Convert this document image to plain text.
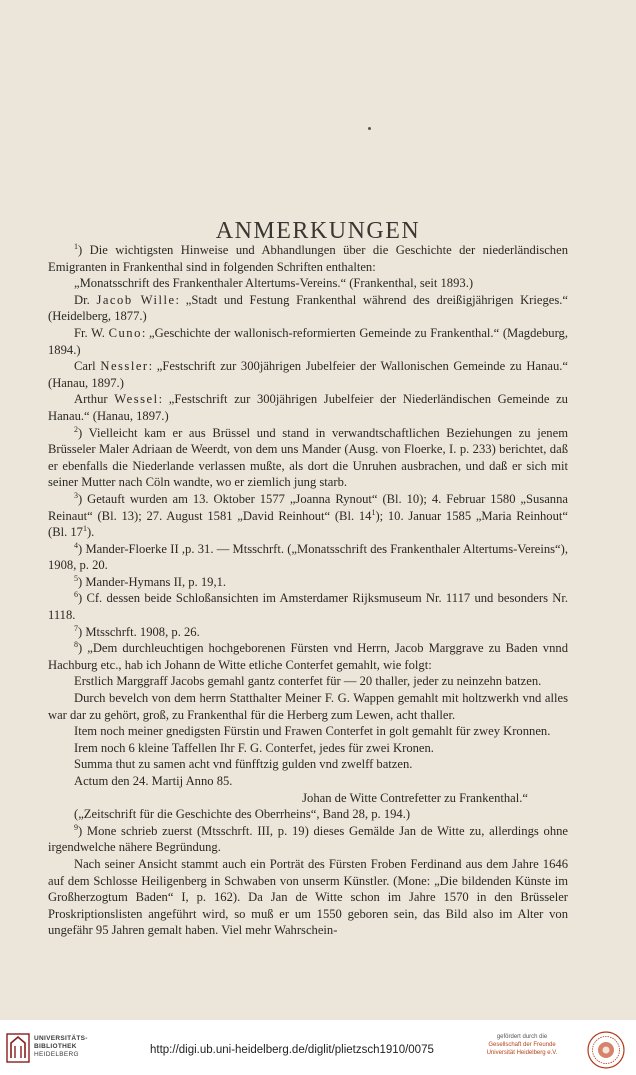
ANMERKUNGEN

$^1$) Die wichtigsten Hinweise und Abhandlungen über die Geschichte der niederländischen Emigranten in Frankenthal sind in folgenden Schriften enthalten:

„Monatsschrift des Frankenthaler Altertums-Vereins.“ (Frankenthal, seit 1893.)

Dr. Jacob Wille: „Stadt und Festung Frankenthal während des dreißigjährigen Krieges.“ (Heidelberg, 1877.)

Fr. W. Cuno: „Geschichte der wallonisch-reformierten Gemeinde zu Frankenthal.“ (Magdeburg, 1894.)

Carl Nessler: „Festschrift zur 300jährigen Jubelfeier der Wallonischen Gemeinde zu Hanau.“ (Hanau, 1897.)

Arthur Wessel: „Festschrift zur 300jährigen Jubelfeier der Niederländischen Gemeinde zu Hanau.“ (Hanau, 1897.)

$^2$) Vielleicht kam er aus Brüssel und stand in verwandtschaftlichen Beziehungen zu jenem Brüsseler Maler Adriaan de Weerdt, von dem uns Mander (Ausg. von Floerke, I. p. 233) berichtet, daß er ebenfalls die Niederlande verlassen mußte, als dort die Unruhen ausbrachen, und daß er sich mit seiner Mutter nach Cöln wandte, wo er ziemlich jung starb.

$^3$) Getauft wurden am 13. Oktober 1577 „Joanna Rynout“ (Bl. 10); 4. Februar 1580 „Susanna Reinaut“ (Bl. 13); 27. August 1581 „David Reinhout“ (Bl. $14^1$); 10. Januar 1585 „Maria Reinhout“ (Bl. $17^1$).

$^4$) Mander-Floerke II ,p. 31. — Mtsschrft. („Monatsschrift des Frankenthaler Altertums-Vereins“), 1908, p. 20.

$^5$) Mander-Hymans II, p. 19,1.

$^6$) Cf. dessen beide Schloßansichten im Amsterdamer Rijksmuseum Nr. 1117 und besonders Nr. 1118.

$^7$) Mtsschrft. 1908, p. 26.

$^8$) „Dem durchleuchtigen hochgeborenen Fürsten vnd Herrn, Jacob Marggrave zu Baden vnnd Hachburg etc., hab ich Johann de Witte etliche Conterfet gemahlt, wie folgt:

Erstlich Marggraff Jacobs gemahl gantz conterfet für — 20 thaller, jeder zu neinzehn batzen.

Durch bevelch von dem herrn Statthalter Meiner F. G. Wappen gemahlt mit holtzwerkh vnd alles war dar zu gehört, groß, zu Frankenthal für die Herberg zum Lewen, acht thaller.

Item noch meiner gnedigsten Fürstin und Frawen Conterfet in golt gemahlt für zwey Kronnen.

Irem noch 6 kleine Taffellen Ihr F. G. Conterfet, jedes für zwei Kronen.

Summa thut zu samen acht vnd fünfftzig gulden vnd zwelff batzen.

Actum den 24. Martij Anno 85.

Johan de Witte Contrefetter zu Frankenthal.“

(„Zeitschrift für die Geschichte des Oberrheins“, Band 28, p. 194.)

$^9$) Mone schrieb zuerst (Mtsschrft. III, p. 19) dieses Gemälde Jan de Witte zu, allerdings ohne irgendwelche nähere Begründung.

Nach seiner Ansicht stammt auch ein Porträt des Fürsten Froben Ferdinand aus dem Jahre 1646 auf dem Schlosse Heiligenberg in Schwaben von unserm Künstler. (Mone: „Die bildenden Künste im Großherzogtum Baden“ I, p. 162). Da Jan de Witte schon im Jahre 1570 in den Brüsseler Proskriptionslisten angeführt wird, so muß er um 1550 geboren sein, das Bild also im Alter von ungefähr 95 Jahren gemalt haben. Viel mehr Wahrschein-

UNIVERSITÄTS-
BIBLIOTHEK
HEIDELBERG	http://digi.ub.uni-heidelberg.de/diglit/plietzsch1910/0075
gefördert durch die
Gesellschaft der Freunde
Universität Heidelberg e.V.
